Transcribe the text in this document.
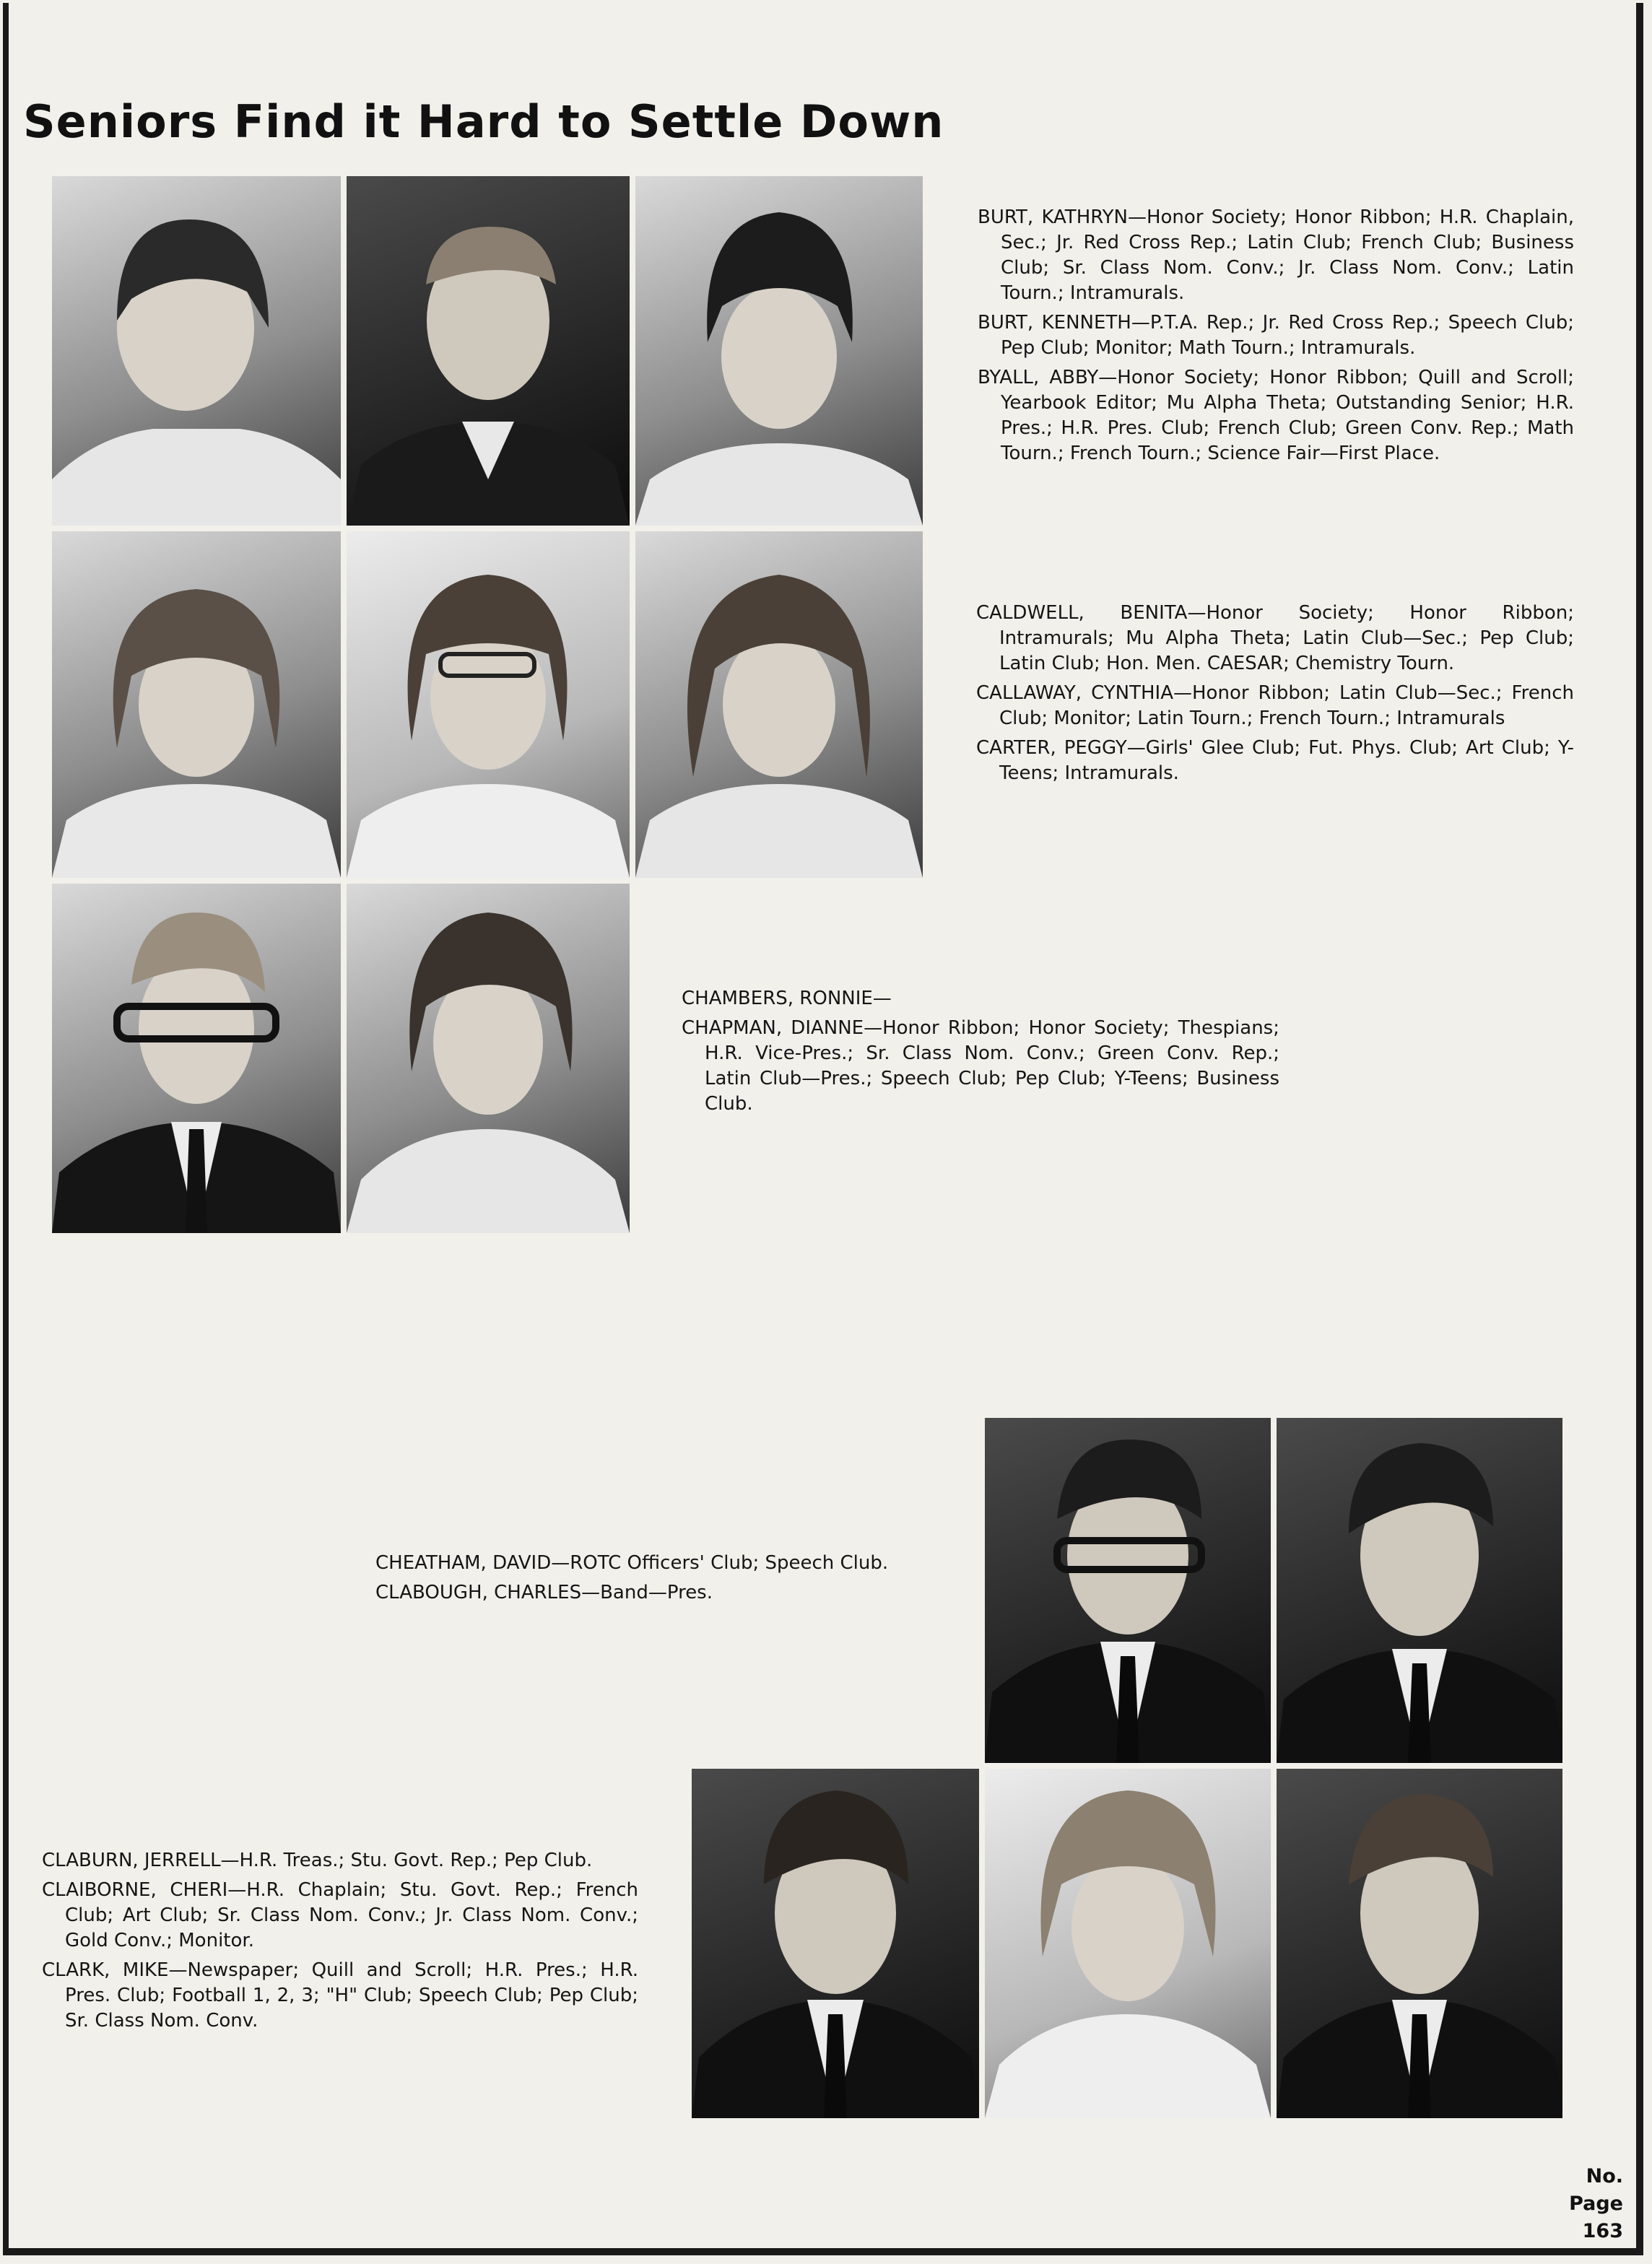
Seniors Find it Hard to Settle Down

BURT, KATHRYN—Honor Society; Honor Ribbon; H.R. Chaplain, Sec.; Jr. Red Cross Rep.; Latin Club; French Club; Business Club; Sr. Class Nom. Conv.; Jr. Class Nom. Conv.; Latin Tourn.; Intramurals.

BURT, KENNETH—P.T.A. Rep.; Jr. Red Cross Rep.; Speech Club; Pep Club; Monitor; Math Tourn.; Intramurals.

BYALL, ABBY—Honor Society; Honor Ribbon; Quill and Scroll; Yearbook Editor; Mu Alpha Theta; Outstanding Senior; H.R. Pres.; H.R. Pres. Club; French Club; Green Conv. Rep.; Math Tourn.; French Tourn.; Science Fair—First Place.

CALDWELL, BENITA—Honor Society; Honor Ribbon; Intramurals; Mu Alpha Theta; Latin Club—Sec.; Pep Club; Latin Club; Hon. Men. CAESAR; Chemistry Tourn.

CALLAWAY, CYNTHIA—Honor Ribbon; Latin Club—Sec.; French Club; Monitor; Latin Tourn.; French Tourn.; Intramurals

CARTER, PEGGY—Girls' Glee Club; Fut. Phys. Club; Art Club; Y-Teens; Intramurals.

CHAMBERS, RONNIE—

CHAPMAN, DIANNE—Honor Ribbon; Honor Society; Thespians; H.R. Vice-Pres.; Sr. Class Nom. Conv.; Green Conv. Rep.; Latin Club—Pres.; Speech Club; Pep Club; Y-Teens; Business Club.

CHEATHAM, DAVID—ROTC Officers' Club; Speech Club.

CLABOUGH, CHARLES—Band—Pres.

CLABURN, JERRELL—H.R. Treas.; Stu. Govt. Rep.; Pep Club.

CLAIBORNE, CHERI—H.R. Chaplain; Stu. Govt. Rep.; French Club; Art Club; Sr. Class Nom. Conv.; Jr. Class Nom. Conv.; Gold Conv.; Monitor.

CLARK, MIKE—Newspaper; Quill and Scroll; H.R. Pres.; H.R. Pres. Club; Football 1, 2, 3; "H" Club; Speech Club; Pep Club; Sr. Class Nom. Conv.

No.
Page
163
